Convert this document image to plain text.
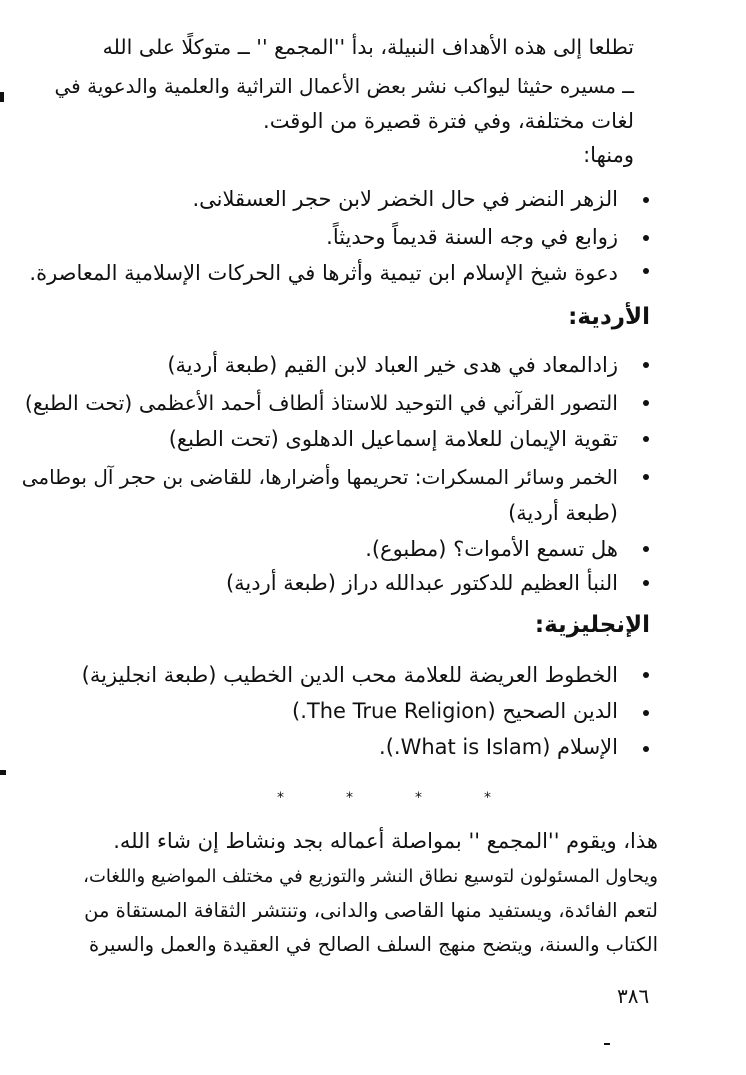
تطلعا إلى هذه الأهداف النبيلة، بدأ ''المجمع '' ــ متوكلًا على الله
ــ مسيره حثيثا ليواكب نشر بعض الأعمال التراثية والعلمية والدعوية في
لغات مختلفة، وفي فترة قصيرة من الوقت.
ومنها:
الزهر النضر في حال الخضر لابن حجر العسقلانى.
زوابع في وجه السنة قديماً وحديثاً.
دعوة شيخ الإسلام ابن تيمية وأثرها في الحركات الإسلامية المعاصرة.
الأردية:
زادالمعاد في هدى خير العباد لابن القيم (طبعة أردية)
التصور القرآني في التوحيد للاستاذ ألطاف أحمد الأعظمى (تحت الطبع)
تقوية الإيمان للعلامة إسماعيل الدهلوى (تحت الطبع)
الخمر وسائر المسكرات: تحريمها وأضرارها، للقاضى بن حجر آل بوطامى
(طبعة أردية)
هل تسمع الأموات؟ (مطبوع).
النبأ العظيم للدكتور عبدالله دراز (طبعة أردية)
الإنجليزية:
الخطوط العريضة للعلامة محب الدين الخطيب (طبعة انجليزية)
الدين الصحيح (The True Religion.)
الإسلام (What is Islam.).
*	*	*	*
هذا، ويقوم ''المجمع '' بمواصلة أعماله بجد ونشاط إن شاء الله.
ويحاول المسئولون لتوسيع نطاق النشر والتوزيع في مختلف المواضيع واللغات،
لتعم الفائدة، ويستفيد منها القاصى والدانى، وتنتشر الثقافة المستقاة من
الكتاب والسنة، ويتضح منهج السلف الصالح في العقيدة والعمل والسيرة
٣٨٦
